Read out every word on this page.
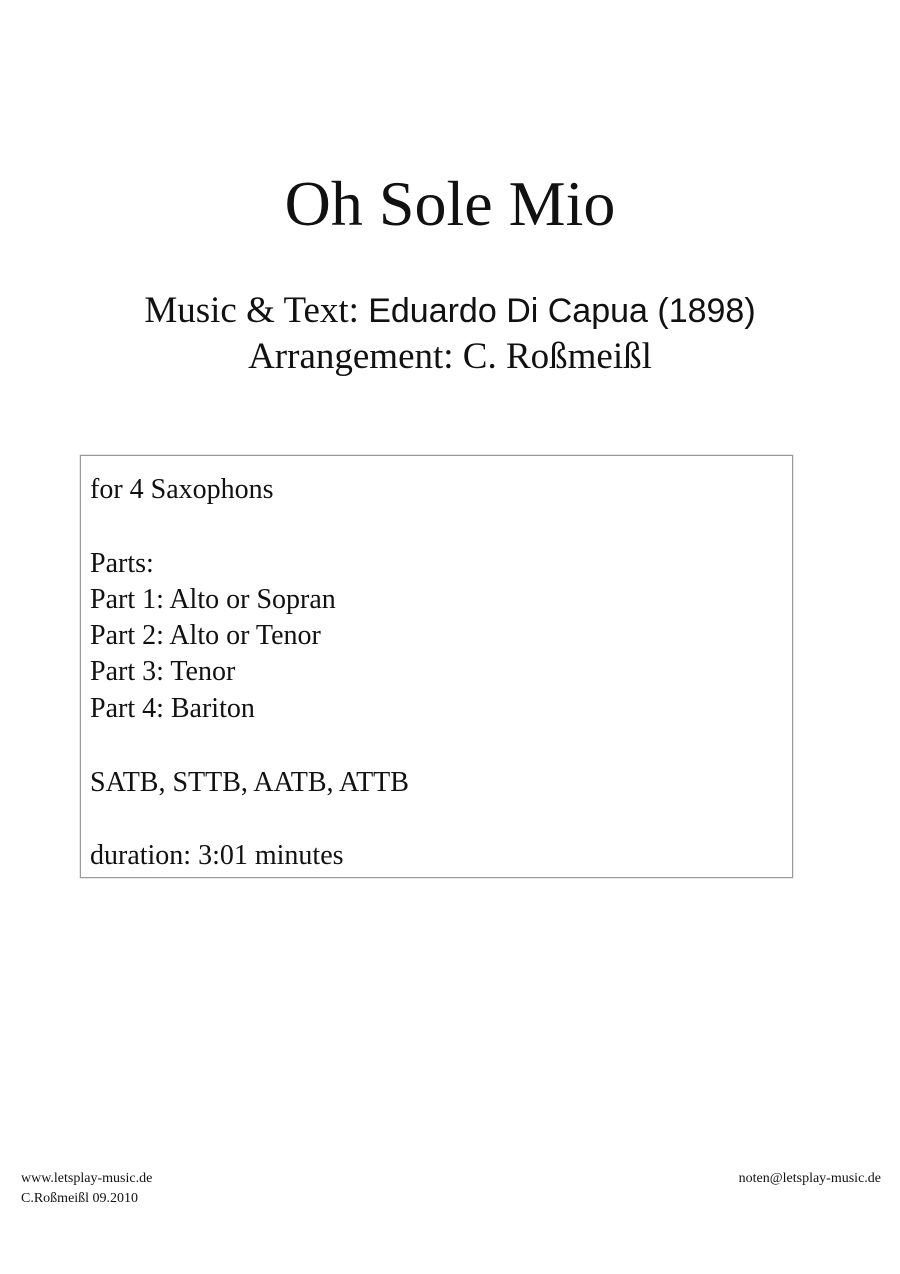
Oh Sole Mio
Music & Text: Eduardo Di Capua (1898)
Arrangement: C. Roßmeißl
for 4 Saxophons
Parts:
Part 1: Alto or Sopran
Part 2: Alto or Tenor
Part 3: Tenor
Part 4: Bariton
SATB, STTB, AATB, ATTB
duration: 3:01 minutes
www.letsplay-music.de
C.Roßmeißl 09.2010
noten@letsplay-music.de
